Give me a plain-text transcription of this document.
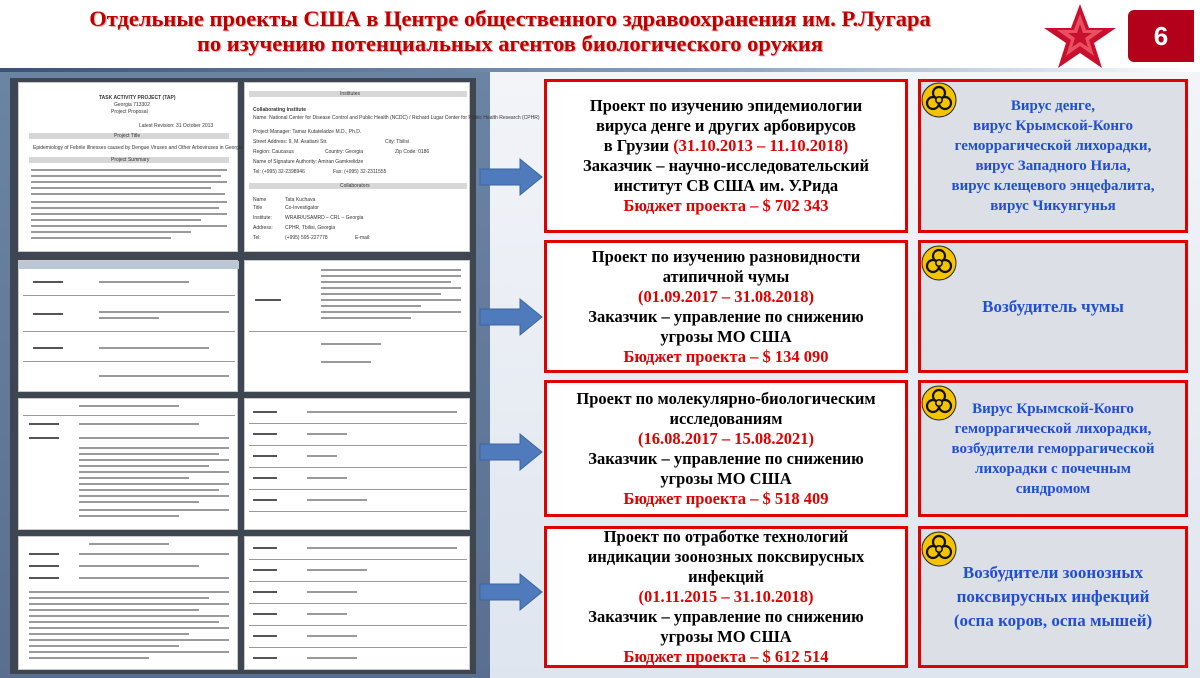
Отдельные проекты США в Центре общественного здравоохранения им. Р.Лугара
по изучению потенциальных агентов биологического оружия	6
TASK ACTIVITY PROJECT (TAP)
Georgia 713302
Project Proposal
Latest Revision: 31 October 2013
Project Title
Epidemiology of Febrile Illnesses caused by Dengue Viruses and Other Arboviruses in Georgia
Project Summary
Institutes
Collaborating Institute
Name: National Center for Disease Control and Public Health (NCDC) / Richard Lugar Center for Public Health Research (CPHR)
Project Manager: Tamar Kutateladze M.D., Ph.D.
Street Address: 9, M. Asatiani Str.	City: Tbilisi
Region: Caucasus	Country: Georgia	Zip Code: 0186
Name of Signature Authority: Amiran Gamkrelidze
Tel: (+995) 32-2398946	Fax: (+995) 32-2311555
Collaborators
Name	Tata Kuchava
Title	Co-Investigator
Institute:	WRAIR/USAMRD – CRL – Georgia
Address: CPHR, Tbilisi, Georgia
Tel:	(+995) 595-227778	E-mail:
Проект по изучению эпидемиологии
вируса денге и других арбовирусов
в Грузии (31.10.2013 – 11.10.2018)
Заказчик – научно-исследовательский
институт СВ США им. У.Рида
Бюджет проекта – $ 702 343
Проект по изучению разновидности
атипичной чумы
(01.09.2017 – 31.08.2018)
Заказчик – управление по снижению
угрозы МО США
Бюджет проекта – $ 134 090
Проект по молекулярно-биологическим
исследованиям
(16.08.2017 – 15.08.2021)
Заказчик – управление по снижению
угрозы МО США
Бюджет проекта – $ 518 409
Проект по отработке технологий
индикации зоонозных поксвирусных
инфекций
(01.11.2015 – 31.10.2018)
Заказчик – управление по снижению
угрозы МО США
Бюджет проекта – $ 612 514
Вирус денге,
вирус Крымской-Конго
геморрагической лихорадки,
вирус Западного Нила,
вирус клещевого энцефалита,
вирус Чикунгунья
Возбудитель чумы
Вирус Крымской-Конго
геморрагической лихорадки,
возбудители геморрагической
лихорадки с почечным
синдромом
Возбудители зоонозных
поксвирусных инфекций
(оспа коров, оспа мышей)
